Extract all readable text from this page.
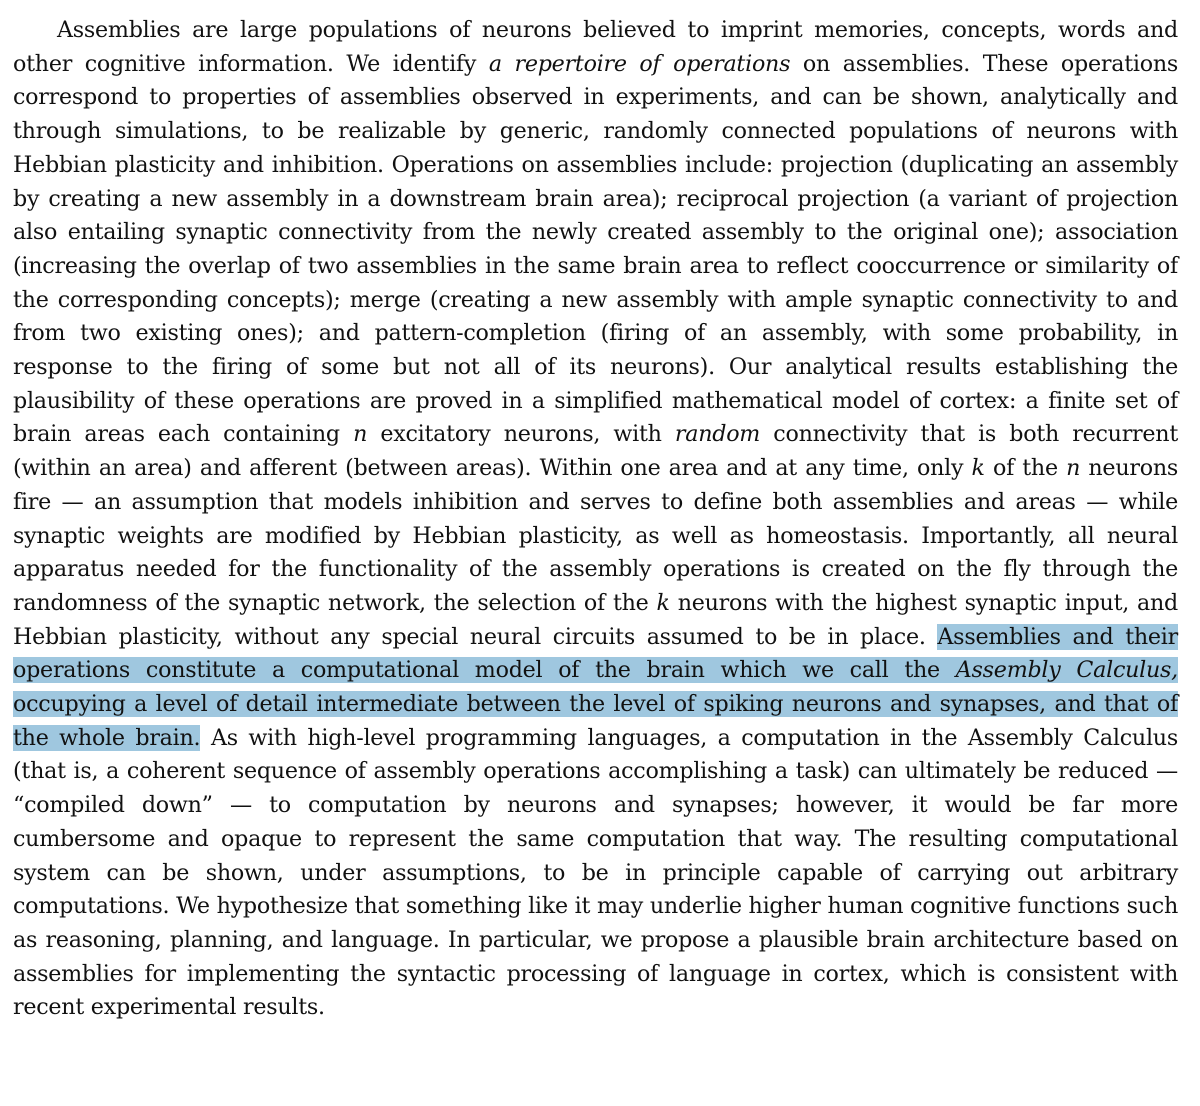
Assemblies are large populations of neurons believed to imprint memories, concepts, words and other cognitive information. We identify a repertoire of operations on assemblies. These operations correspond to properties of assemblies observed in experiments, and can be shown, analytically and through simulations, to be realizable by generic, randomly connected populations of neurons with Hebbian plasticity and inhibition. Operations on assemblies include: projection (duplicating an assembly by creating a new assembly in a downstream brain area); reciprocal projection (a variant of projection also entailing synaptic connectivity from the newly created assembly to the original one); association (increasing the overlap of two assemblies in the same brain area to reflect cooccurrence or similarity of the corresponding concepts); merge (creating a new assembly with ample synaptic connectivity to and from two existing ones); and pattern-completion (firing of an assembly, with some probability, in response to the firing of some but not all of its neurons). Our analytical results establishing the plausibility of these operations are proved in a simplified mathematical model of cortex: a finite set of brain areas each containing n excitatory neurons, with random connectivity that is both recurrent (within an area) and afferent (between areas). Within one area and at any time, only k of the n neurons fire — an assumption that models inhibition and serves to define both assemblies and areas — while synaptic weights are modified by Hebbian plasticity, as well as homeostasis. Importantly, all neural apparatus needed for the functionality of the assembly operations is created on the fly through the randomness of the synaptic network, the selection of the k neurons with the highest synaptic input, and Hebbian plasticity, without any special neural circuits assumed to be in place. Assemblies and their operations constitute a computational model of the brain which we call the Assembly Calculus, occupying a level of detail intermediate between the level of spiking neurons and synapses, and that of the whole brain. As with high-level programming languages, a computation in the Assembly Calculus (that is, a coherent sequence of assembly operations accomplishing a task) can ultimately be reduced — “compiled down” — to computation by neurons and synapses; however, it would be far more cumbersome and opaque to represent the same computation that way. The resulting computational system can be shown, under assumptions, to be in principle capable of carrying out arbitrary computations. We hypothesize that something like it may underlie higher human cognitive functions such as reasoning, planning, and language. In particular, we propose a plausible brain architecture based on assemblies for implementing the syntactic processing of language in cortex, which is consistent with recent experimental results.
